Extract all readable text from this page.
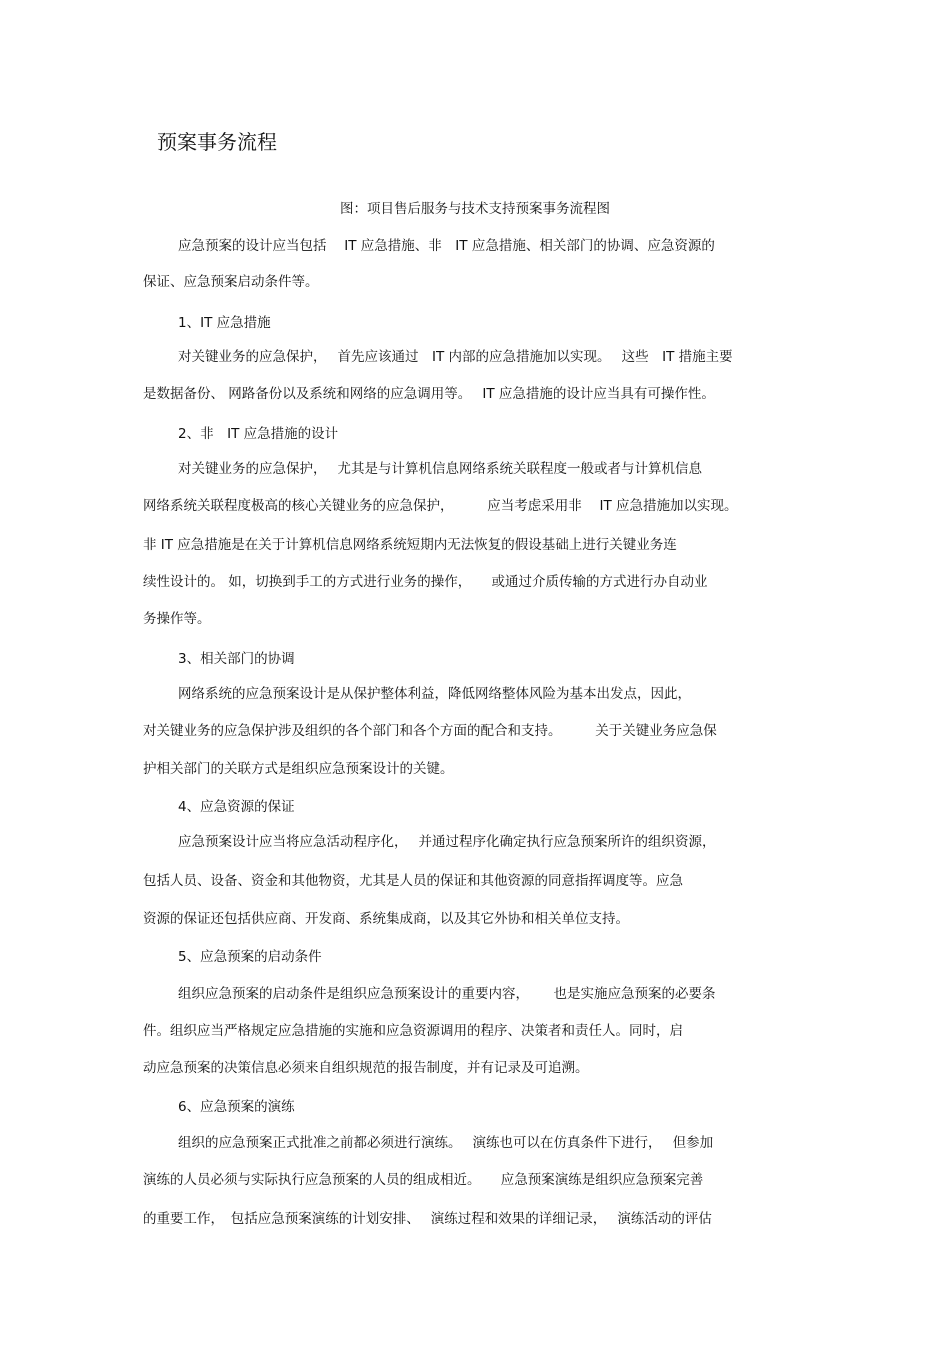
预案事务流程
图：项目售后服务与技术支持预案事务流程图
应急预案的设计应当包括　 IT 应急措施、非　IT 应急措施、相关部门的协调、应急资源的
保证、应急预案启动条件等。
1、IT 应急措施
对关键业务的应急保护，　 首先应该通过　IT 内部的应急措施加以实现。　 这些　IT 措施主要
是数据备份、 网路备份以及系统和网络的应急调用等。　 IT 应急措施的设计应当具有可操作性。
2、非　IT 应急措施的设计
对关键业务的应急保护，　 尤其是与计算机信息网络系统关联程度一般或者与计算机信息
网络系统关联程度极高的核心关键业务的应急保护，　　　应当考虑采用非　 IT 应急措施加以实现。
非 IT 应急措施是在关于计算机信息网络系统短期内无法恢复的假设基础上进行关键业务连
续性设计的。 如，切换到手工的方式进行业务的操作，　　或通过介质传输的方式进行办自动业
务操作等。
3、相关部门的协调
网络系统的应急预案设计是从保护整体利益，降低网络整体风险为基本出发点，因此，
对关键业务的应急保护涉及组织的各个部门和各个方面的配合和支持。　　　关于关键业务应急保
护相关部门的关联方式是组织应急预案设计的关键。
4、应急资源的保证
应急预案设计应当将应急活动程序化，　 并通过程序化确定执行应急预案所许的组织资源，
包括人员、设备、资金和其他物资，尤其是人员的保证和其他资源的同意指挥调度等。应急
资源的保证还包括供应商、开发商、系统集成商，以及其它外协和相关单位支持。
5、应急预案的启动条件
组织应急预案的启动条件是组织应急预案设计的重要内容，　　 也是实施应急预案的必要条
件。组织应当严格规定应急措施的实施和应急资源调用的程序、决策者和责任人。同时，启
动应急预案的决策信息必须来自组织规范的报告制度，并有记录及可追溯。
6、应急预案的演练
组织的应急预案正式批准之前都必须进行演练。　 演练也可以在仿真条件下进行，　 但参加
演练的人员必须与实际执行应急预案的人员的组成相近。　　应急预案演练是组织应急预案完善
的重要工作，　包括应急预案演练的计划安排、　 演练过程和效果的详细记录，　 演练活动的评估
